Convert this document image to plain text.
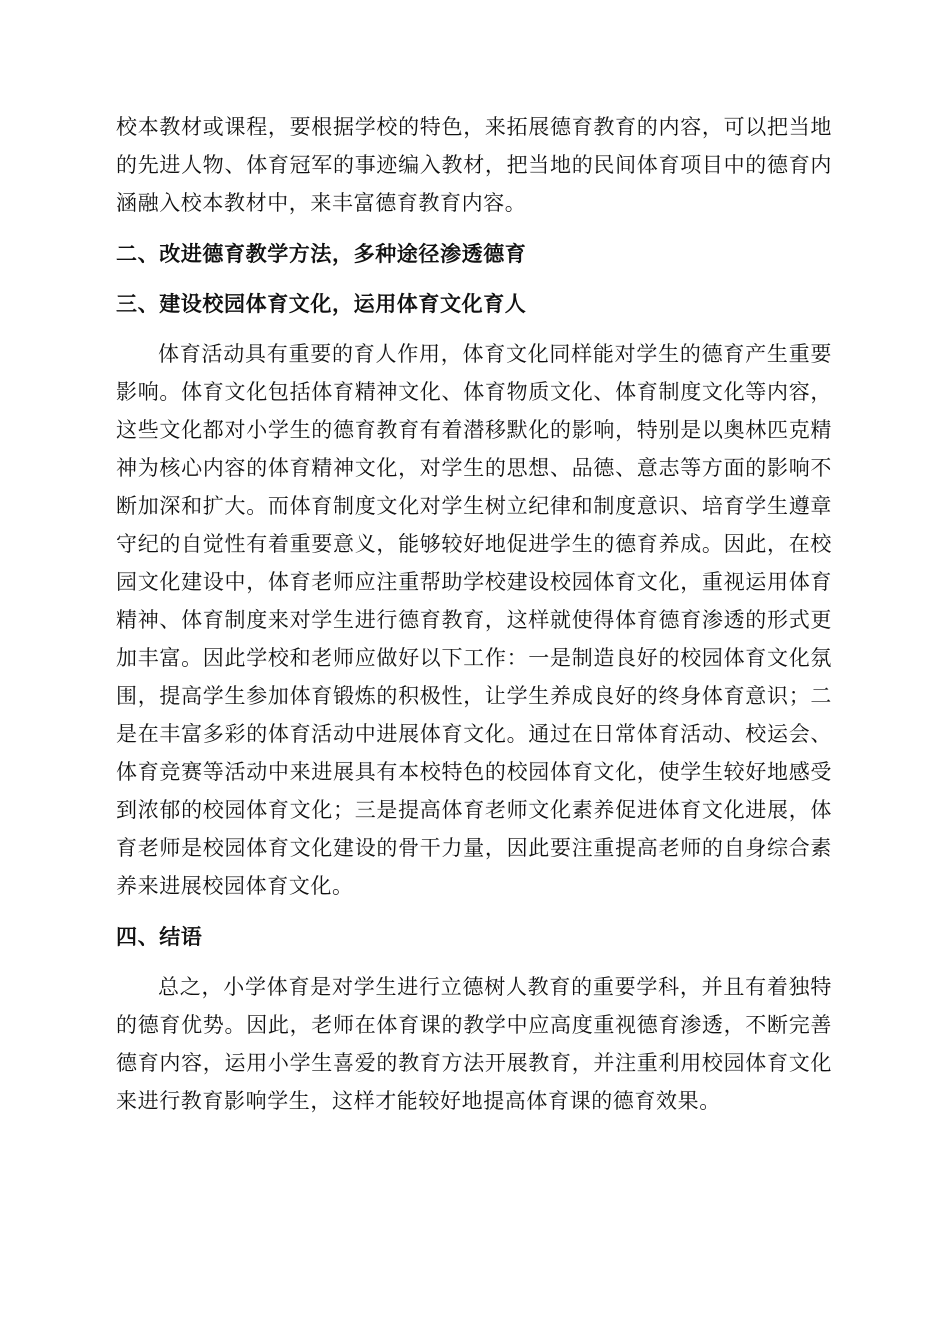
校本教材或课程，要根据学校的特色，来拓展德育教育的内容，可以把当地的先进人物、体育冠军的事迹编入教材，把当地的民间体育项目中的德育内涵融入校本教材中，来丰富德育教育内容。

二、改进德育教学方法，多种途径渗透德育
三、建设校园体育文化，运用体育文化育人

体育活动具有重要的育人作用，体育文化同样能对学生的德育产生重要影响。体育文化包括体育精神文化、体育物质文化、体育制度文化等内容，这些文化都对小学生的德育教育有着潜移默化的影响，特别是以奥林匹克精神为核心内容的体育精神文化，对学生的思想、品德、意志等方面的影响不断加深和扩大。而体育制度文化对学生树立纪律和制度意识、培育学生遵章守纪的自觉性有着重要意义，能够较好地促进学生的德育养成。因此，在校园文化建设中，体育老师应注重帮助学校建设校园体育文化，重视运用体育精神、体育制度来对学生进行德育教育，这样就使得体育德育渗透的形式更加丰富。因此学校和老师应做好以下工作：一是制造良好的校园体育文化氛围，提高学生参加体育锻炼的积极性，让学生养成良好的终身体育意识；二是在丰富多彩的体育活动中进展体育文化。通过在日常体育活动、校运会、体育竞赛等活动中来进展具有本校特色的校园体育文化，使学生较好地感受到浓郁的校园体育文化；三是提高体育老师文化素养促进体育文化进展，体育老师是校园体育文化建设的骨干力量，因此要注重提高老师的自身综合素养来进展校园体育文化。

四、结语

总之，小学体育是对学生进行立德树人教育的重要学科，并且有着独特的德育优势。因此，老师在体育课的教学中应高度重视德育渗透，不断完善德育内容，运用小学生喜爱的教育方法开展教育，并注重利用校园体育文化来进行教育影响学生，这样才能较好地提高体育课的德育效果。
